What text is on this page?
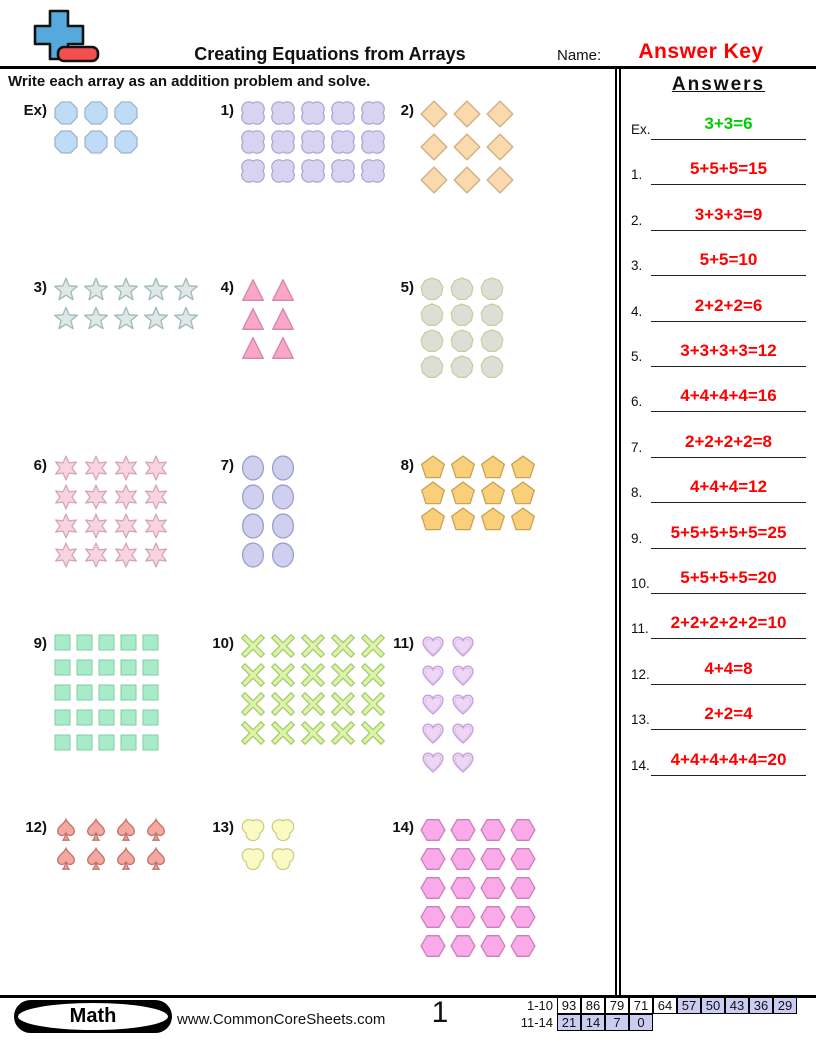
Creating Equations from Arrays	Name:	Answer Key
Write each array as an addition problem and solve.
Ex)	1)	2)
3)	4)	5)
6)	7)	8)
9)	10)	11)
12)	13)	14)
Answers
Ex.	3+3=6
1.	5+5+5=15
2.	3+3+3=9
3.	5+5=10
4.	2+2+2=6
5.	3+3+3+3=12
6.	4+4+4+4=16
7.	2+2+2+2=8
8.	4+4+4=12
9.	5+5+5+5+5=25
10.	5+5+5+5=20
11.	2+2+2+2+2=10
12.	4+4=8
13.	2+2=4
14.	4+4+4+4+4=20
Math	www.CommonCoreSheets.com	1	1-10 93 86 79 71 64 57 50 43 36 29
11-14 21 14	7	0
